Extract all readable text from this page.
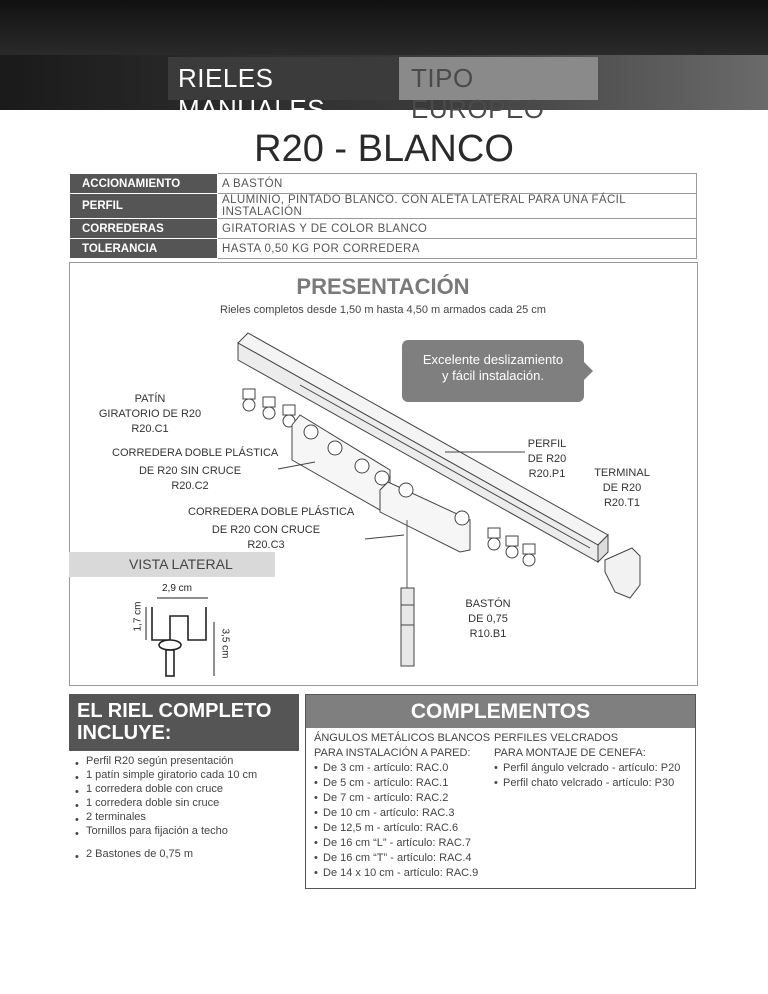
RIELES MANUALES
TIPO EUROPEO
R20 - BLANCO
ACCIONAMIENTO	A BASTÓN
PERFIL	ALUMINIO, PINTADO BLANCO. CON ALETA LATERAL PARA UNA FÁCIL INSTALACIÓN
CORREDERAS	GIRATORIAS Y DE COLOR BLANCO
TOLERANCIA	HASTA 0,50 KG POR CORREDERA
PRESENTACIÓN
Rieles completos desde 1,50 m hasta 4,50 m armados cada 25 cm
Excelente deslizamiento
y fácil instalación.
PATÍN
GIRATORIO DE R20
R20.C1
CORREDERA DOBLE PLÁSTICA
DE R20 SIN CRUCE
R20.C2
CORREDERA DOBLE PLÁSTICA
DE R20 CON CRUCE
R20.C3
PERFIL
DE R20
R20.P1	TERMINAL
DE R20
R20.T1
BASTÓN
DE 0,75
R10.B1
VISTA LATERAL
2,9 cm
1,7 cm
3,5 cm
EL RIEL COMPLETO
INCLUYE:
• Perfil R20 según presentación
• 1 patín simple giratorio cada 10 cm
• 1 corredera doble con cruce
• 1 corredera doble sin cruce
• 2 terminales
• Tornillos para fijación a techo
• 2 Bastones de 0,75 m
COMPLEMENTOS
ÁNGULOS METÁLICOS BLANCOS
PARA INSTALACIÓN A PARED:
• De 3 cm - artículo: RAC.0
• De 5 cm - artículo: RAC.1
• De 7 cm - artículo: RAC.2
• De 10 cm - artículo: RAC.3
• De 12,5 m - artículo: RAC.6
• De 16 cm “L” - artículo: RAC.7
• De 16 cm “T” - artículo: RAC.4
• De 14 x 10 cm - artículo: RAC.9
PERFILES VELCRADOS
PARA MONTAJE DE CENEFA:
• Perfil ángulo velcrado - artículo: P20
• Perfil chato velcrado - artículo: P30
